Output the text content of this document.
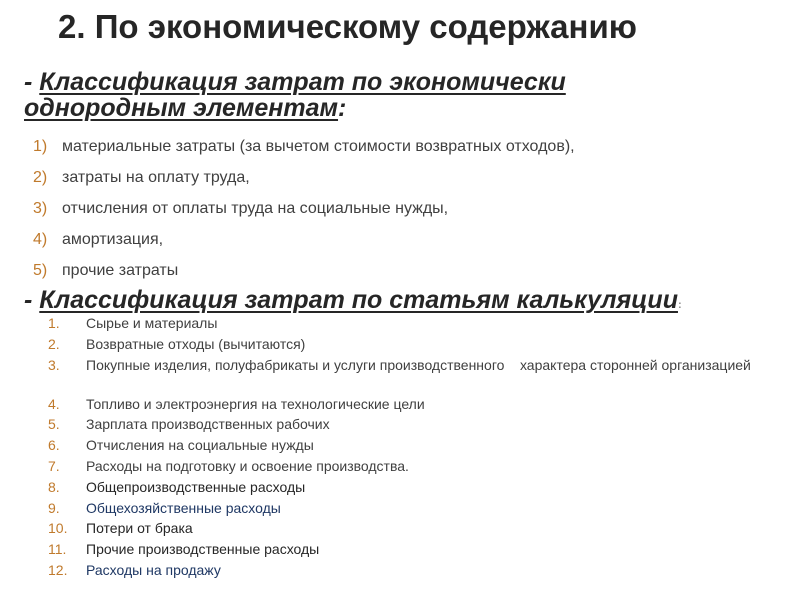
2. По экономическому содержанию
- Классификация затрат по экономически однородным элементам:
1) материальные затраты (за вычетом стоимости возвратных отходов),
2) затраты на оплату труда,
3) отчисления от оплаты труда на социальные нужды,
4) амортизация,
5) прочие затраты
- Классификация затрат по статьям калькуляции:
1.	Сырье и материалы
2.	Возвратные отходы (вычитаются)
3.	Покупные изделия, полуфабрикаты и услуги производственного    характера сторонней организацией
4.	Топливо и электроэнергия на технологические цели
5.	Зарплата производственных рабочих
6.	Отчисления на социальные нужды
7.	Расходы на подготовку и освоение производства.
8.	Общепроизводственные расходы
9.	Общехозяйственные расходы
10.	Потери от брака
11.	Прочие производственные расходы
12.	Расходы на продажу
